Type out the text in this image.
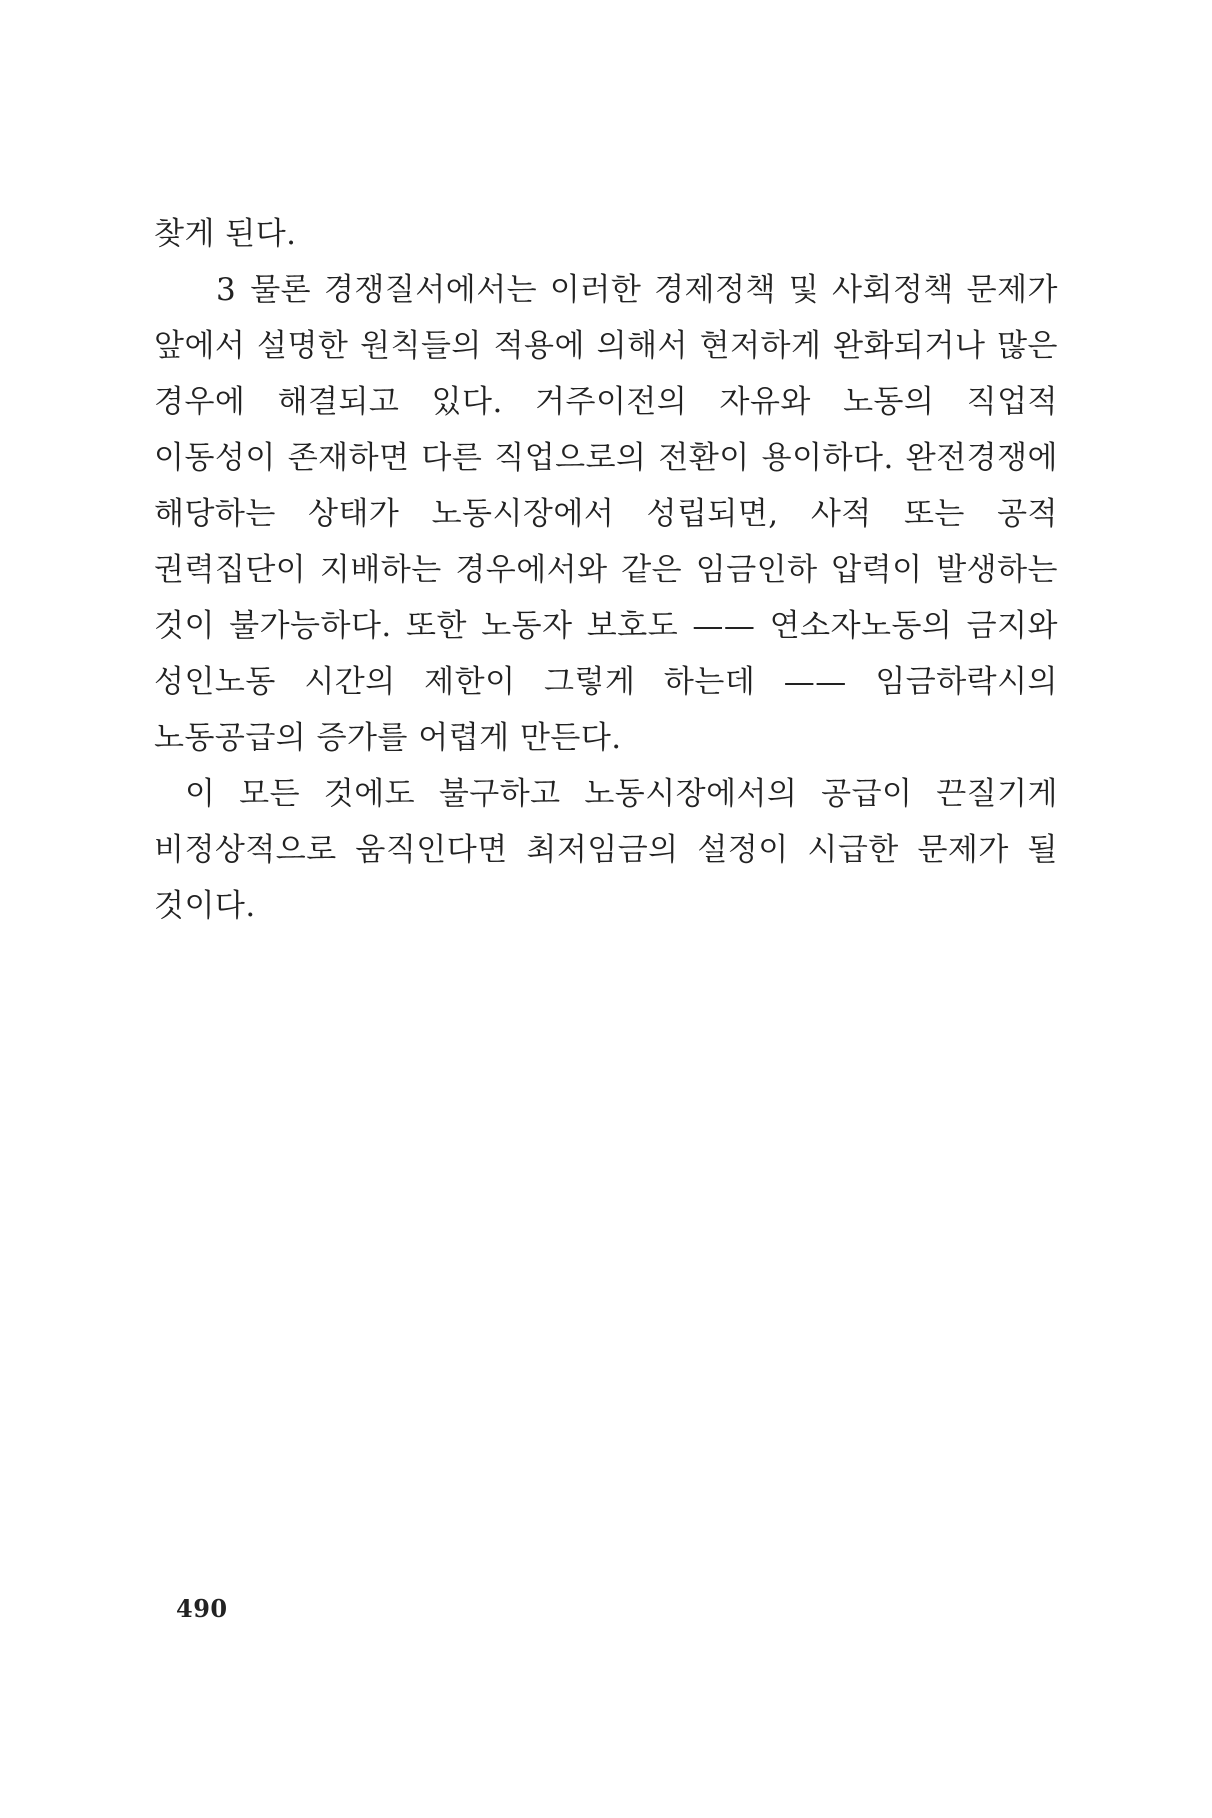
찾게 된다.

3 물론 경쟁질서에서는 이러한 경제정책 및 사회정책 문제가 앞에서 설명한 원칙들의 적용에 의해서 현저하게 완화되거나 많은 경우에 해결되고 있다. 거주이전의 자유와 노동의 직업적 이동성이 존재하면 다른 직업으로의 전환이 용이하다. 완전경쟁에 해당하는 상태가 노동시장에서 성립되면, 사적 또는 공적 권력집단이 지배하는 경우에서와 같은 임금인하 압력이 발생하는 것이 불가능하다. 또한 노동자 보호도 —— 연소자노동의 금지와 성인노동 시간의 제한이 그렇게 하는데 —— 임금하락시의 노동공급의 증가를 어렵게 만든다.

이 모든 것에도 불구하고 노동시장에서의 공급이 끈질기게 비정상적으로 움직인다면 최저임금의 설정이 시급한 문제가 될 것이다.

490
